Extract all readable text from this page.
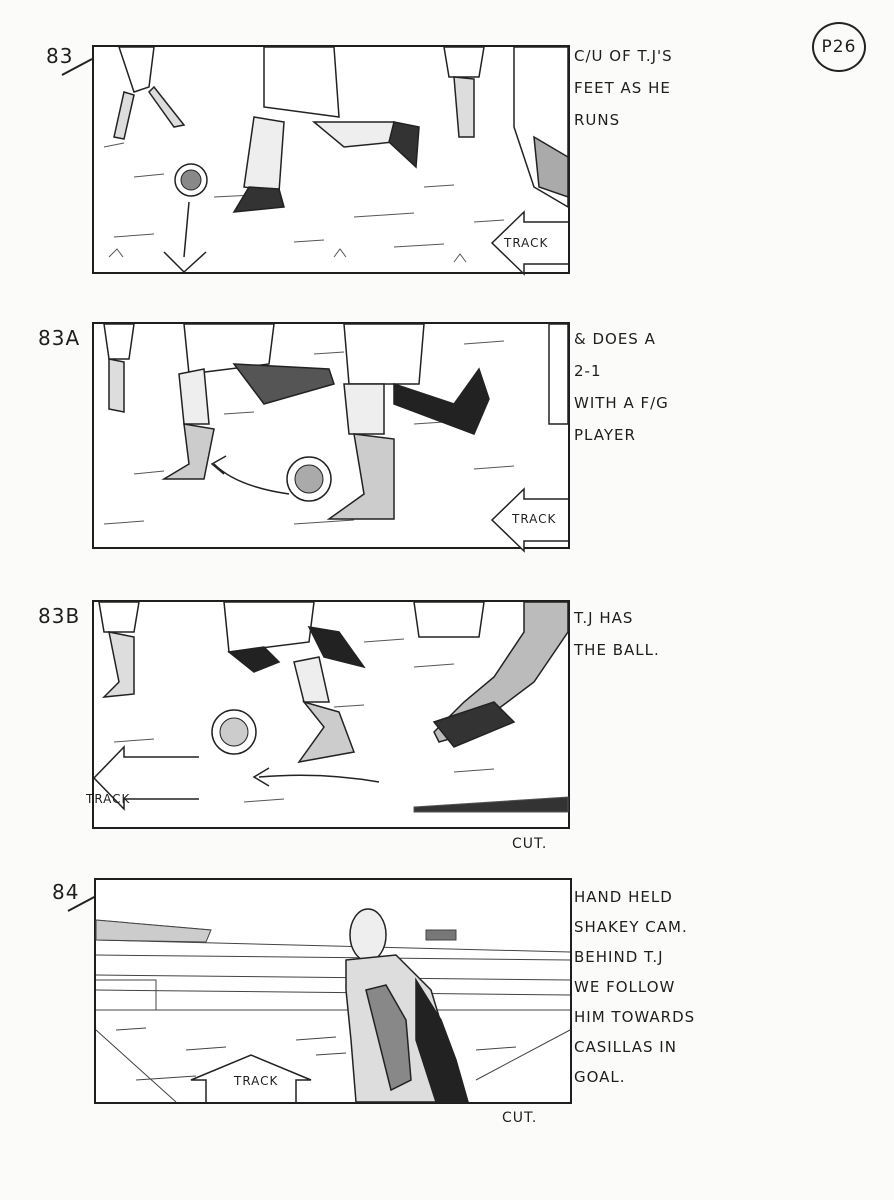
P26
83
TRACK
C/U OF T.J'S
FEET AS HE
RUNS
83A
TRACK
& DOES A
2-1
WITH A F/G
PLAYER
83B
TRACK
T.J HAS
THE BALL.
CUT.
84
TRACK
HAND HELD
SHAKEY CAM.
BEHIND T.J
WE FOLLOW
HIM TOWARDS
CASILLAS IN
GOAL.
CUT.
